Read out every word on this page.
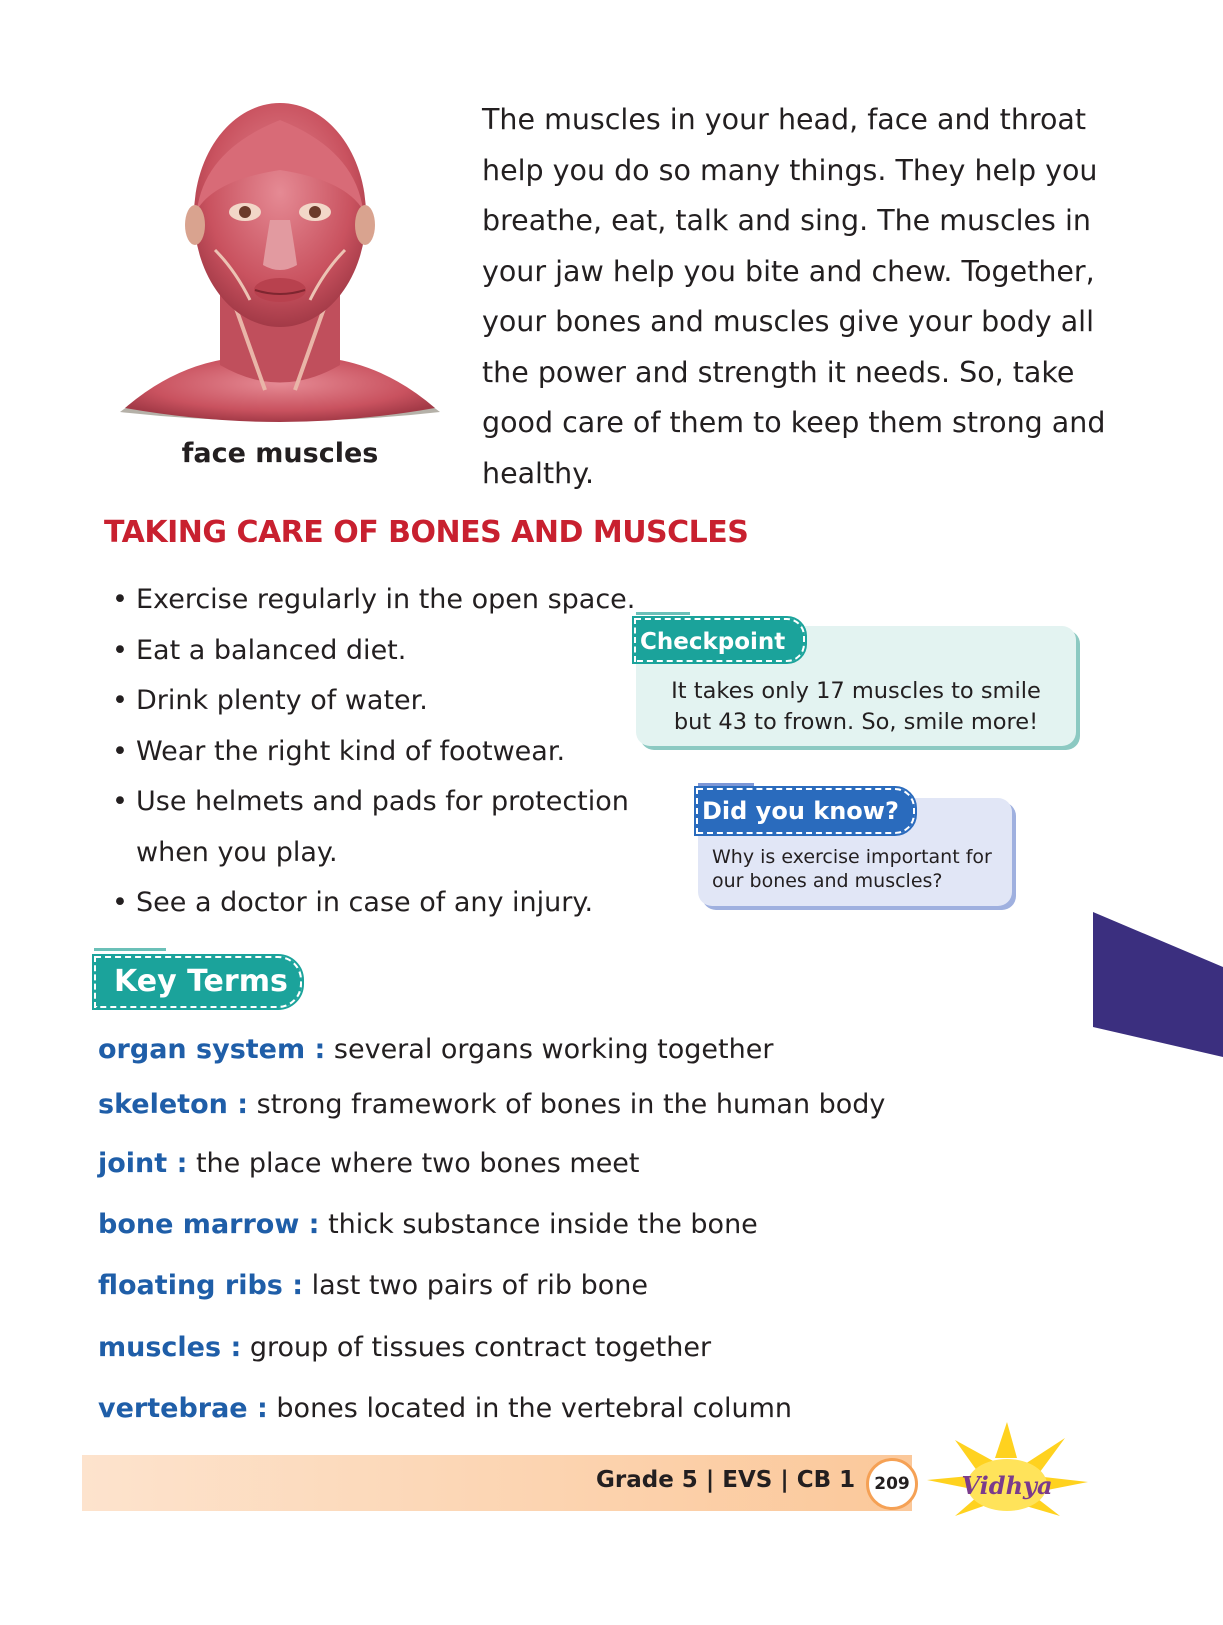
face muscles
The muscles in your head, face and throat
help you do so many things. They help you
breathe, eat, talk and sing. The muscles in
your jaw help you bite and chew. Together,
your bones and muscles give your body all
the power and strength it needs. So, take
good care of them to keep them strong and
healthy.
TAKING CARE OF BONES AND MUSCLES
• Exercise regularly in the open space.
• Eat a balanced diet.
• Drink plenty of water.
• Wear the right kind of footwear.
• Use helmets and pads for protection
when you play.
• See a doctor in case of any injury.
Checkpoint
It takes only 17 muscles to smile
but 43 to frown. So, smile more!
Did you know?
Why is exercise important for
our bones and muscles?
Key Terms
organ system : several organs working together
skeleton : strong framework of bones in the human body
joint : the place where two bones meet
bone marrow : thick substance inside the bone
floating ribs : last two pairs of rib bone
muscles : group of tissues contract together
vertebrae : bones located in the vertebral column
Grade 5 | EVS | CB 1	209	Vidhya
